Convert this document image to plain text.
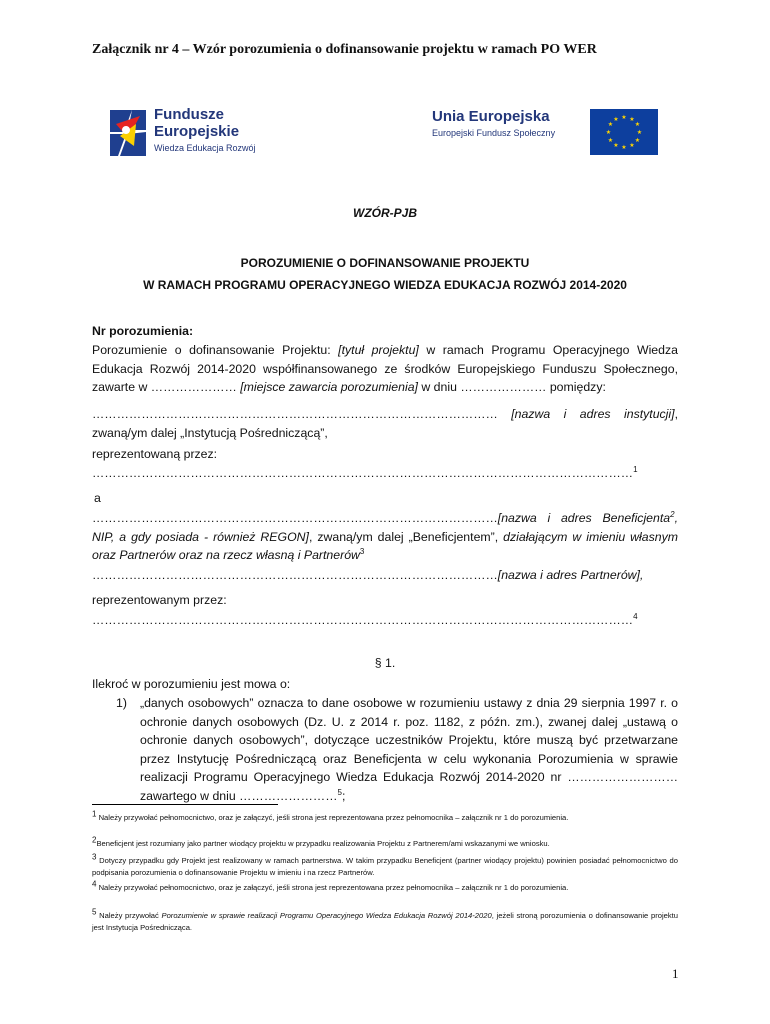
Załącznik nr 4 – Wzór porozumienia o dofinansowanie projektu w ramach PO WER
Fundusze
Europejskie
Wiedza Edukacja Rozwój
Unia Europejska
Europejski Fundusz Społeczny
★ ★
★
★
★
★
★
★
★
★
★
★
WZÓR-PJB
POROZUMIENIE O DOFINANSOWANIE PROJEKTU
W RAMACH PROGRAMU OPERACYJNEGO WIEDZA EDUKACJA ROZWÓJ 2014-2020
Nr porozumienia:
Porozumienie o dofinansowanie Projektu: [tytuł projektu] w ramach Programu Operacyjnego Wiedza Edukacja Rozwój 2014-2020 współfinansowanego ze środków Europejskiego Funduszu Społecznego, zawarte w ………………… [miejsce zawarcia porozumienia] w dniu ………………… pomiędzy:
……………………………………………………………………………………… [nazwa i adres instytucji], zwaną/ym dalej „Instytucją Pośredniczącą”,
reprezentowaną przez:
……………………………………………………………………………………………………………………$^1$
a
………………………………………………………………………………………[nazwa i adres Beneficjenta$^2$, NIP, a gdy posiada - również REGON], zwaną/ym dalej „Beneficjentem”, działającym w imieniu własnym oraz Partnerów oraz na rzecz własną i Partnerów$^3$
………………………………………………………………………………………[nazwa i adres Partnerów],
reprezentowanym przez:
……………………………………………………………………………………………………………………$^4$
§ 1.
Ilekroć w porozumieniu jest mowa o:
1)	„danych osobowych” oznacza to dane osobowe w rozumieniu ustawy z dnia 29 sierpnia 1997 r. o ochronie danych osobowych (Dz. U. z 2014 r. poz. 1182, z późn. zm.), zwanej dalej „ustawą o ochronie danych osobowych”, dotyczące uczestników Projektu, które muszą być przetwarzane przez Instytucję Pośredniczącą oraz Beneficjenta w celu wykonania Porozumienia w sprawie realizacji Programu Operacyjnego Wiedza Edukacja Rozwój 2014-2020 nr ……………………… zawartego w dniu ……………………$^5$;
$^1$ Należy przywołać pełnomocnictwo, oraz je załączyć, jeśli strona jest reprezentowana przez pełnomocnika – załącznik nr 1 do porozumienia.
$^2$Beneficjent jest rozumiany jako partner wiodący projektu w przypadku realizowania Projektu z Partnerem/ami wskazanymi we wniosku.
$^3$ Dotyczy przypadku gdy Projekt jest realizowany w ramach partnerstwa. W takim przypadku Beneficjent (partner wiodący projektu) powinien posiadać pełnomocnictwo do podpisania porozumienia o dofinansowanie Projektu w imieniu i na rzecz Partnerów.
$^4$ Należy przywołać pełnomocnictwo, oraz je załączyć, jeśli strona jest reprezentowana przez pełnomocnika – załącznik nr 1 do porozumienia.
$^5$ Należy przywołać Porozumienie w sprawie realizacji Programu Operacyjnego Wiedza Edukacja Rozwój 2014-2020, jeżeli stroną porozumienia o dofinansowanie projektu jest Instytucja Pośrednicząca.
1
